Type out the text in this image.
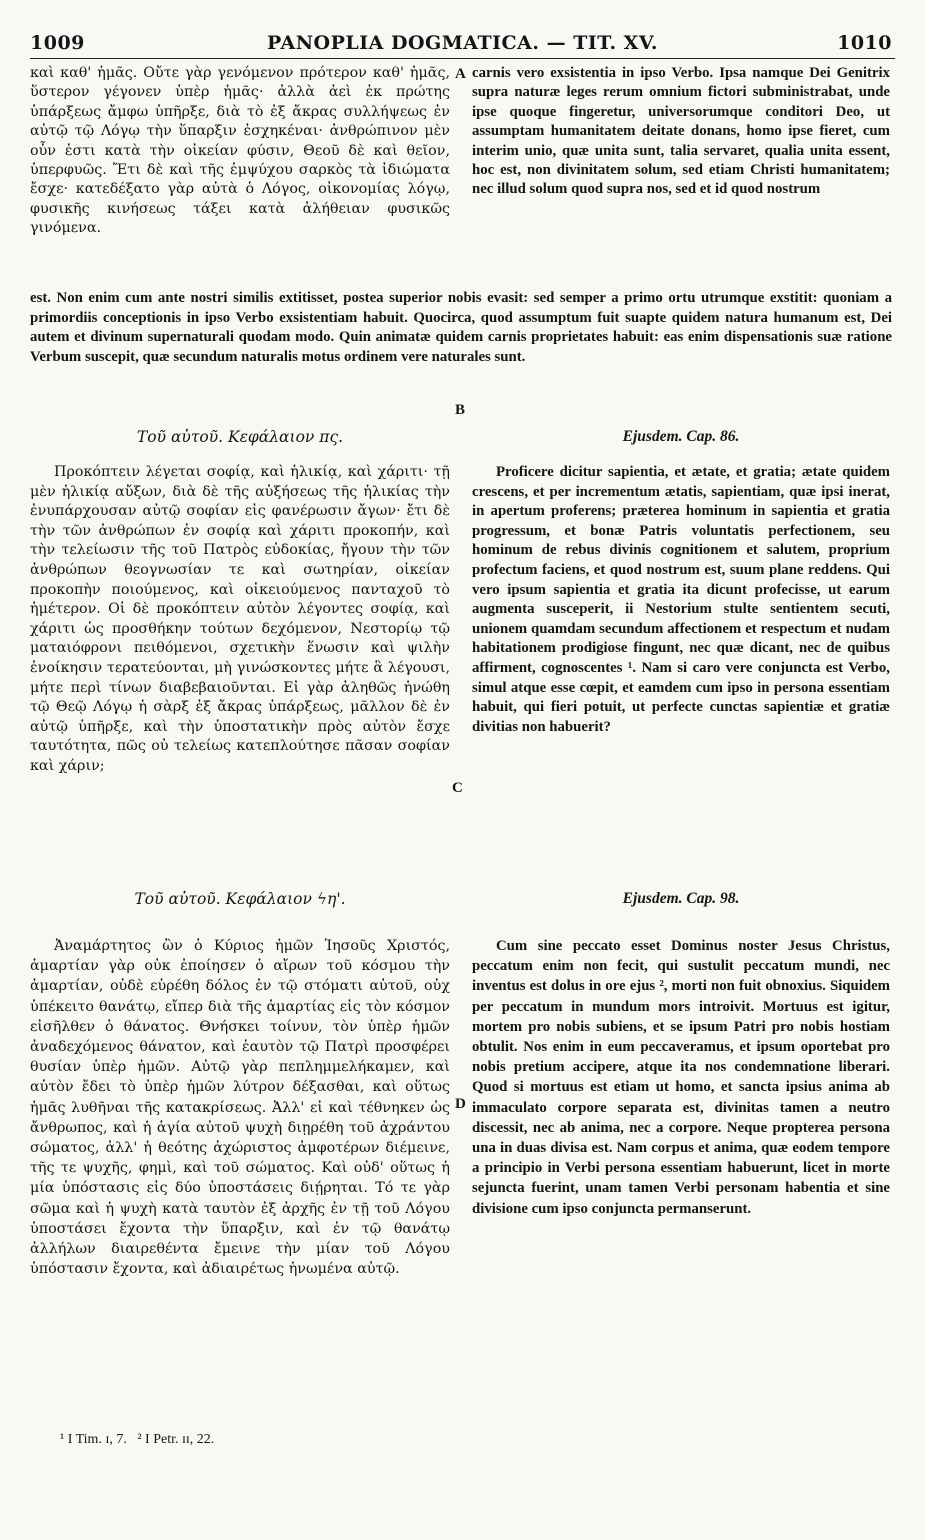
1009	PANOPLIA DOGMATICA. — TIT. XV.	1010

καὶ καθ' ἡμᾶς. Οὔτε γὰρ γενόμενον πρότερον καθ' ἡμᾶς, ὕστερον γέγονεν ὑπὲρ ἡμᾶς· ἀλλὰ ἀεὶ ἐκ πρώτης ὑπάρξεως ἄμφω ὑπῆρξε, διὰ τὸ ἐξ ἄκρας συλλήψεως ἐν αὐτῷ τῷ Λόγῳ τὴν ὕπαρξιν ἐσχηκέναι· ἀνθρώπινον μὲν οὖν ἐστι κατὰ τὴν οἰκείαν φύσιν, Θεοῦ δὲ καὶ θεῖον, ὑπερφυῶς. Ἔτι δὲ καὶ τῆς ἐμψύχου σαρκὸς τὰ ἰδιώματα ἔσχε· κατεδέξατο γὰρ αὐτὰ ὁ Λόγος, οἰκονομίας λόγῳ, φυσικῆς κινήσεως τάξει κατὰ ἀλήθειαν φυσικῶς γινόμενα.

A carnis vero exsistentia in ipso Verbo. Ipsa namque Dei Genitrix supra naturæ leges rerum omnium fictori subministrabat, unde ipse quoque fingeretur, universorumque conditori Deo, ut assumptam humanitatem deitate donans, homo ipse fieret, cum interim unio, quæ unita sunt, talia servaret, qualia unita essent, hoc est, non divinitatem solum, sed etiam Christi humanitatem; nec illud solum quod supra nos, sed et id quod nostrum

est. Non enim cum ante nostri similis extitisset, postea superior nobis evasit: sed semper a primo ortu utrumque exstitit: quoniam a primordiis conceptionis in ipso Verbo exsistentiam habuit. Quocirca, quod assumptum fuit suapte quidem natura humanum est, Dei autem et divinum supernaturali quodam modo. Quin animatæ quidem carnis proprietates habuit: eas enim dispensationis suæ ratione Verbum suscepit, quæ secundum naturalis motus ordinem vere naturales sunt.

B
Τοῦ αὐτοῦ. Κεφάλαιον πς.	Ejusdem. Cap. 86.

Προκόπτειν λέγεται σοφίᾳ, καὶ ἡλικίᾳ, καὶ χάριτι· τῇ μὲν ἡλικίᾳ αὔξων, διὰ δὲ τῆς αὐξήσεως τῆς ἡλικίας τὴν ἐνυπάρχουσαν αὐτῷ σοφίαν εἰς φανέρωσιν ἄγων· ἔτι δὲ τὴν τῶν ἀνθρώπων ἐν σοφίᾳ καὶ χάριτι προκοπήν, καὶ τὴν τελείωσιν τῆς τοῦ Πατρὸς εὐδοκίας, ἤγουν τὴν τῶν ἀνθρώπων θεογνωσίαν τε καὶ σωτηρίαν, οἰκείαν προκοπὴν ποιούμενος, καὶ οἰκειούμενος πανταχοῦ τὸ ἡμέτερον. Οἱ δὲ προκόπτειν αὐτὸν λέγοντες σοφίᾳ, καὶ χάριτι ὡς προσθήκην τούτων δεχόμενον, Νεστορίῳ τῷ ματαιόφρονι πειθόμενοι, σχετικὴν ἕνωσιν καὶ ψιλὴν ἐνοίκησιν τερατεύονται, μὴ γινώσκοντες μήτε ἃ λέγουσι, μήτε περὶ τίνων διαβεβαιοῦνται. Εἰ γὰρ ἀληθῶς ἡνώθη τῷ Θεῷ Λόγῳ ἡ σὰρξ ἐξ ἄκρας ὑπάρξεως, μᾶλλον δὲ ἐν αὐτῷ ὑπῆρξε, καὶ τὴν ὑποστατικὴν πρὸς αὐτὸν ἔσχε ταυτότητα, πῶς οὐ τελείως κατεπλούτησε πᾶσαν σοφίαν καὶ χάριν;

C

Proficere dicitur sapientia, et ætate, et gratia; ætate quidem crescens, et per incrementum ætatis, sapientiam, quæ ipsi inerat, in apertum proferens; præterea hominum in sapientia et gratia progressum, et bonæ Patris voluntatis perfectionem, seu hominum de rebus divinis cognitionem et salutem, proprium profectum faciens, et quod nostrum est, suum plane reddens. Qui vero ipsum sapientia et gratia ita dicunt profecisse, ut earum augmenta susceperit, ii Nestorium stulte sentientem secuti, unionem quamdam secundum affectionem et respectum et nudam habitationem prodigiose fingunt, nec quæ dicant, nec de quibus affirment, cognoscentes ¹. Nam si caro vere conjuncta est Verbo, simul atque esse cœpit, et eamdem cum ipso in persona essentiam habuit, qui fieri potuit, ut perfecte cunctas sapientiæ et gratiæ divitias non habuerit?

Τοῦ αὐτοῦ. Κεφάλαιον ϟη'.	Ejusdem. Cap. 98.

Ἀναμάρτητος ὢν ὁ Κύριος ἡμῶν Ἰησοῦς Χριστός, ἁμαρτίαν γὰρ οὐκ ἐποίησεν ὁ αἴρων τοῦ κόσμου τὴν ἁμαρτίαν, οὐδὲ εὑρέθη δόλος ἐν τῷ στόματι αὐτοῦ, οὐχ ὑπέκειτο θανάτῳ, εἴπερ διὰ τῆς ἁμαρτίας εἰς τὸν κόσμον εἰσῆλθεν ὁ θάνατος. Θνήσκει τοίνυν, τὸν ὑπὲρ ἡμῶν ἀναδεχόμενος θάνατον, καὶ ἑαυτὸν τῷ Πατρὶ προσφέρει θυσίαν ὑπὲρ ἡμῶν. Αὐτῷ γὰρ πεπλημμελήκαμεν, καὶ αὐτὸν ἔδει τὸ ὑπὲρ ἡμῶν λύτρον δέξασθαι, καὶ οὕτως ἡμᾶς λυθῆναι τῆς κατακρίσεως. Ἀλλ' εἰ καὶ τέθνηκεν ὡς ἄνθρωπος, καὶ ἡ ἁγία αὐτοῦ ψυχὴ διῃρέθη τοῦ ἀχράντου σώματος, ἀλλ' ἡ θεότης ἀχώριστος ἀμφοτέρων διέμεινε, τῆς τε ψυχῆς, φημὶ, καὶ τοῦ σώματος. Καὶ οὐδ' οὕτως ἡ μία ὑπόστασις εἰς δύο ὑποστάσεις διῄρηται. Τό τε γὰρ σῶμα καὶ ἡ ψυχὴ κατὰ ταυτὸν ἐξ ἀρχῆς ἐν τῇ τοῦ Λόγου ὑποστάσει ἔχοντα τὴν ὕπαρξιν, καὶ ἐν τῷ θανάτῳ ἀλλήλων διαιρεθέντα ἔμεινε τὴν μίαν τοῦ Λόγου ὑπόστασιν ἔχοντα, καὶ ἀδιαιρέτως ἡνωμένα αὐτῷ.

D

Cum sine peccato esset Dominus noster Jesus Christus, peccatum enim non fecit, qui sustulit peccatum mundi, nec inventus est dolus in ore ejus ², morti non fuit obnoxius. Siquidem per peccatum in mundum mors introivit. Mortuus est igitur, mortem pro nobis subiens, et se ipsum Patri pro nobis hostiam obtulit. Nos enim in eum peccaveramus, et ipsum oportebat pro nobis pretium accipere, atque ita nos condemnatione liberari. Quod si mortuus est etiam ut homo, et sancta ipsius anima ab immaculato corpore separata est, divinitas tamen a neutro discessit, nec ab anima, nec a corpore. Neque propterea persona una in duas divisa est. Nam corpus et anima, quæ eodem tempore a principio in Verbi persona essentiam habuerunt, licet in morte sejuncta fuerint, unam tamen Verbi personam habentia et sine divisione cum ipso conjuncta permanserunt.

¹ I Tim. ɪ, 7.   ² I Petr. ɪɪ, 22.
